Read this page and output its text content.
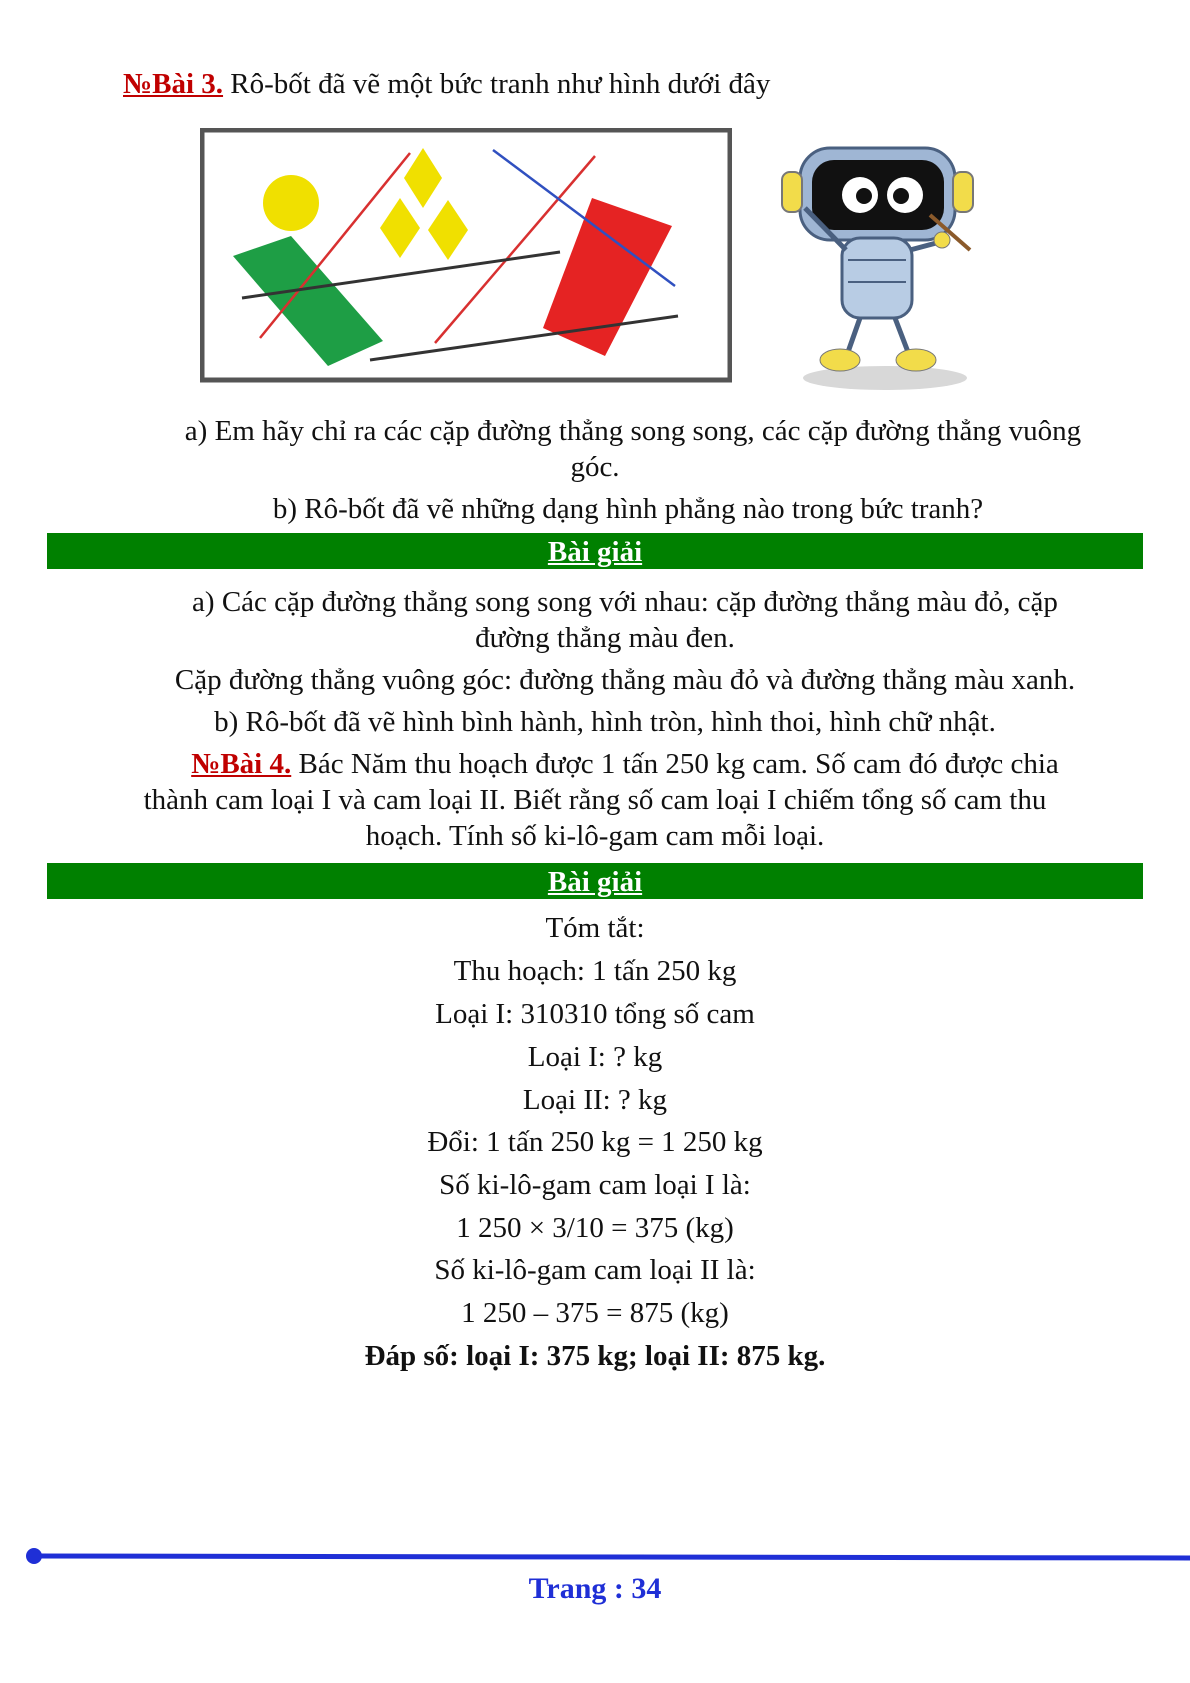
№Bài 3. Rô-bốt đã vẽ một bức tranh như hình dưới đây
a) Em hãy chỉ ra các cặp đường thẳng song song, các cặp đường thẳng vuông
góc.
b) Rô-bốt đã vẽ những dạng hình phẳng nào trong bức tranh?
Bài giải
a) Các cặp đường thẳng song song với nhau: cặp đường thẳng màu đỏ, cặp
đường thẳng màu đen.
Cặp đường thẳng vuông góc: đường thẳng màu đỏ và đường thẳng màu xanh.
b) Rô-bốt đã vẽ hình bình hành, hình tròn, hình thoi, hình chữ nhật.
№Bài 4. Bác Năm thu hoạch được 1 tấn 250 kg cam. Số cam đó được chia
thành cam loại I và cam loại II. Biết rằng số cam loại I chiếm tổng số cam thu
hoạch. Tính số ki-lô-gam cam mỗi loại.
Bài giải
Tóm tắt:
Thu hoạch: 1 tấn 250 kg
Loại I: 310310 tổng số cam
Loại I: ? kg
Loại II: ? kg
Đổi: 1 tấn 250 kg = 1 250 kg
Số ki-lô-gam cam loại I là:
1 250 × 3/10 = 375 (kg)
Số ki-lô-gam cam loại II là:
1 250 – 375 = 875 (kg)
Đáp số: loại I: 375 kg; loại II: 875 kg.
Trang : 34
